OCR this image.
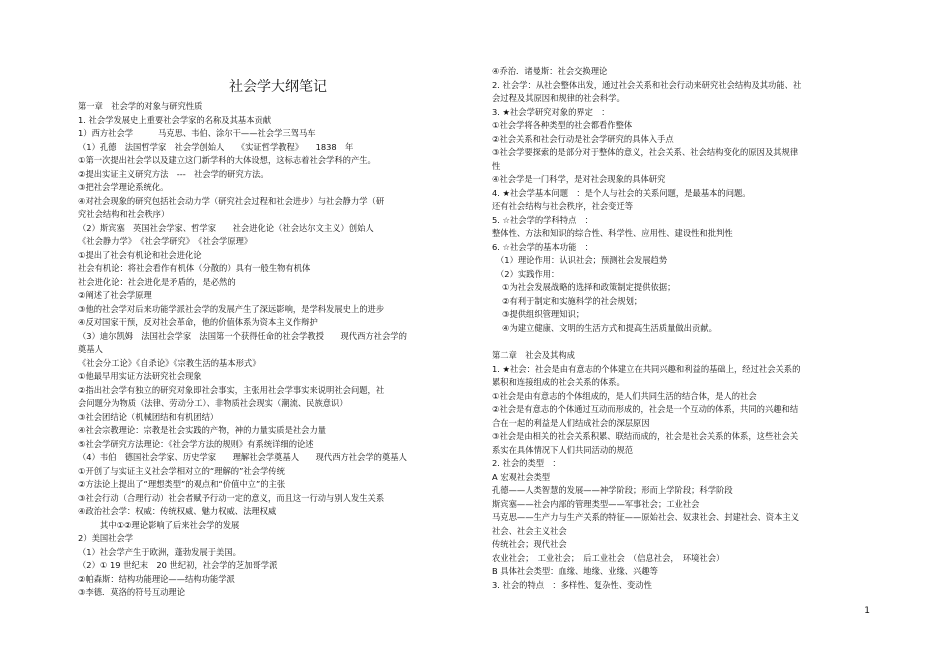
社会学大纲笔记
第一章　社会学的对象与研究性质
1. 社会学发展史上重要社会学家的名称及其基本贡献
1）西方社会学　　　马克思、韦伯、涂尔干——社会学三驾马车
（1）孔德　法国哲学家　社会学创始人　　《实证哲学教程》　　1838　年
①第一次提出社会学以及建立这门新学科的大体设想，这标志着社会学科的产生。
②提出实证主义研究方法　---　社会学的研究方法。
③把社会学理论系统化。
④对社会现象的研究包括社会动力学（研究社会过程和社会进步）与社会静力学（研
究社会结构和社会秩序）
（2）斯宾塞　英国社会学家、哲学家　　社会进化论（社会达尔文主义）创始人
《社会静力学》　《社会学研究》　《社会学原理》
①提出了社会有机论和社会进化论
社会有机论：将社会看作有机体（分散的）具有一般生物有机体
社会进化论：社会进化是矛盾的，是必然的
②阐述了社会学原理
③他的社会学对后来功能学派社会学的发展产生了深远影响，是学科发展史上的进步
④反对国家干预，反对社会革命，他的价值体系为资本主义作辩护
（3）迪尔凯姆　法国社会学家　法国第一个获得任命的社会学教授　　现代西方社会学的
奠基人
《社会分工论》《自杀论》《宗教生活的基本形式》
①他最早用实证方法研究社会现象
②指出社会学有独立的研究对象即社会事实，主张用社会学事实来说明社会问题，社
会问题分为物质（法律、劳动分工）、非物质社会现实（潮流、民族意识）
③社会团结论（机械团结和有机团结）
④社会宗教理论：宗教是社会实践的产物，神的力量实质是社会力量
⑤社会学研究方法理论：《社会学方法的规则》有系统详细的论述
（4）韦伯　德国社会学家、历史学家　　理解社会学奠基人　　现代西方社会学的奠基人
①开创了与实证主义社会学相对立的“理解的”社会学传统
②方法论上提出了“理想类型”的观点和“价值中立”的主张
③社会行动（合理行动）社会者赋予行动一定的意义，而且这一行动与别人发生关系
④政治社会学：权威：传统权威、魅力权威、法理权威
其中①②理论影响了后来社会学的发展
2）美国社会学
（1）社会学产生于欧洲，蓬勃发展于美国。
（2）① 19 世纪末　20 世纪初，社会学的芝加哥学派
②帕森斯：结构功能理论——结构功能学派
③李德．莫洛的符号互动理论
④乔治．诸曼斯：社会交换理论
2. 社会学：从社会整体出发，通过社会关系和社会行动来研究社会结构及其功能、社
会过程及其原因和规律的社会科学。
3. ★社会学研究对象的界定　：
①社会学将各种类型的社会都看作整体
②社会关系和社会行动是社会学研究的具体入手点
③社会学要探索的是部分对于整体的意义，社会关系、社会结构变化的原因及其规律
性
④社会学是一门科学，是对社会现象的具体研究
4. ★社会学基本问题　：是个人与社会的关系问题，是最基本的问题。
还有社会结构与社会秩序，社会变迁等
5. ☆社会学的学科特点　：
整体性、方法和知识的综合性、科学性、应用性、建设性和批判性
6. ☆社会学的基本功能　：
（1）理论作用：认识社会；预测社会发展趋势
（2）实践作用：
①为社会发展战略的选择和政策制定提供依据；
②有利于制定和实施科学的社会规划；
③提供组织管理知识；
④为建立健康、文明的生活方式和提高生活质量做出贡献。
第二章　社会及其构成
1. ★社会：社会是由有意志的个体建立在共同兴趣和利益的基础上，经过社会关系的
累积和连接组成的社会关系的体系。
①社会是由有意志的个体组成的，是人们共同生活的结合体，是人的社会
②社会是有意志的个体通过互动而形成的，社会是一个互动的体系，共同的兴趣和结
合在一起的利益是人们结成社会的深层原因
③社会是由相关的社会关系积累、联结而成的，社会是社会关系的体系，这些社会关
系实在具体情况下人们共同活动的规范
2. 社会的类型　：
A 宏观社会类型
孔德——人类智慧的发展——神学阶段；形而上学阶段；科学阶段
斯宾塞——社会内部的管理类型——军事社会；工业社会
马克思——生产力与生产关系的特征——原始社会、奴隶社会、封建社会、资本主义
社会、社会主义社会
传统社会；现代社会
农业社会；　工业社会；　后工业社会　（信息社会，　环境社会）
B 具体社会类型：血缘、地缘、业缘、兴趣等
3. 社会的特点　：多样性、复杂性、变动性
1
